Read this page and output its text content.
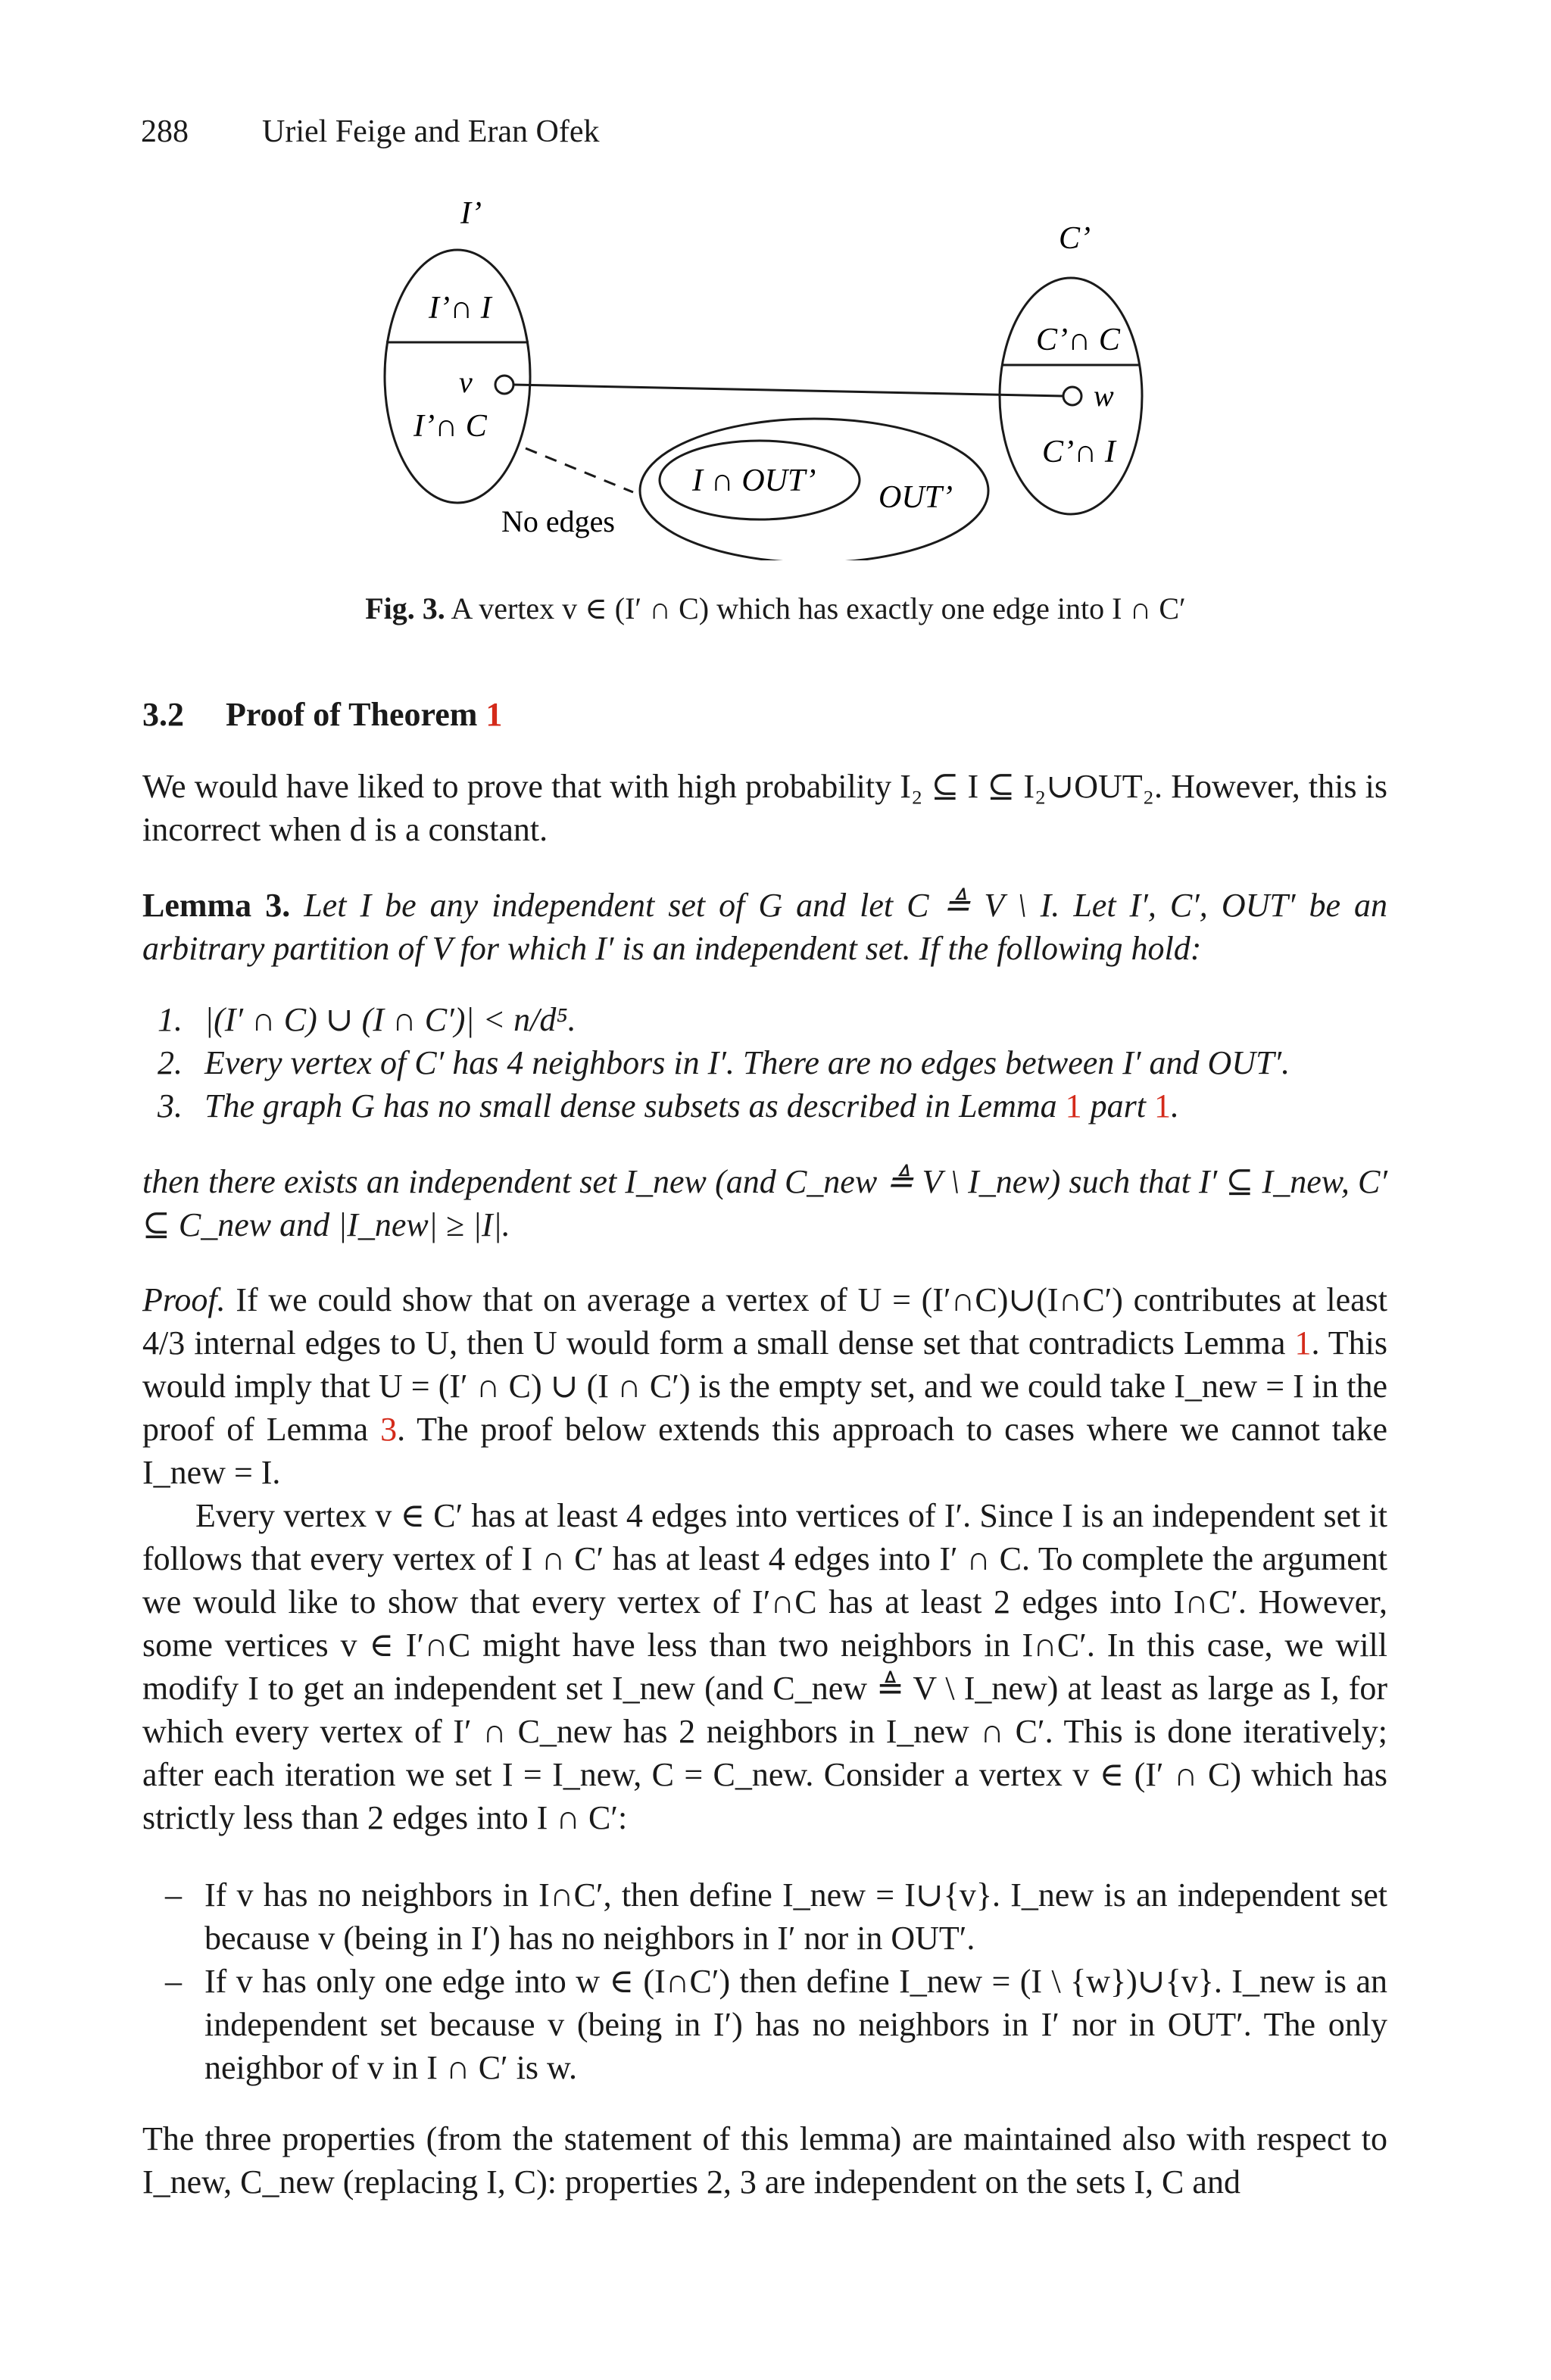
288 Uriel Feige and Eran Ofek
I’
C’
I’∩ I
v
I’∩ C
C’∩ C
w
C’∩ I
I ∩ OUT’ OUT’
No edges
Fig. 3. A vertex v ∈ (I′ ∩ C) which has exactly one edge into I ∩ C′
3.2 Proof of Theorem 1
We would have liked to prove that with high probability I₂ ⊆ I ⊆ I₂∪OUT₂. However, this is incorrect when d is a constant.
Lemma 3. Let I be any independent set of G and let C ≜ V \ I. Let I′, C′, OUT′ be an arbitrary partition of V for which I′ is an independent set. If the following hold:
1. |(I′ ∩ C) ∪ (I ∩ C′)| < n/d⁵.
2. Every vertex of C′ has 4 neighbors in I′. There are no edges between I′ and OUT′.
3. The graph G has no small dense subsets as described in Lemma 1 part 1.
then there exists an independent set I_new (and C_new ≜ V \ I_new) such that I′ ⊆ I_new, C′ ⊆ C_new and |I_new| ≥ |I|.
Proof. If we could show that on average a vertex of U = (I′∩C)∪(I∩C′) contributes at least 4/3 internal edges to U, then U would form a small dense set that contradicts Lemma 1. This would imply that U = (I′ ∩ C) ∪ (I ∩ C′) is the empty set, and we could take I_new = I in the proof of Lemma 3. The proof below extends this approach to cases where we cannot take I_new = I.
Every vertex v ∈ C′ has at least 4 edges into vertices of I′. Since I is an independent set it follows that every vertex of I ∩ C′ has at least 4 edges into I′ ∩ C. To complete the argument we would like to show that every vertex of I′∩C has at least 2 edges into I∩C′. However, some vertices v ∈ I′∩C might have less than two neighbors in I∩C′. In this case, we will modify I to get an independent set I_new (and C_new ≜ V \ I_new) at least as large as I, for which every vertex of I′ ∩ C_new has 2 neighbors in I_new ∩ C′. This is done iteratively; after each iteration we set I = I_new, C = C_new. Consider a vertex v ∈ (I′ ∩ C) which has strictly less than 2 edges into I ∩ C′:
– If v has no neighbors in I∩C′, then define I_new = I∪{v}. I_new is an independent set because v (being in I′) has no neighbors in I′ nor in OUT′.
– If v has only one edge into w ∈ (I∩C′) then define I_new = (I \ {w})∪{v}. I_new is an independent set because v (being in I′) has no neighbors in I′ nor in OUT′. The only neighbor of v in I ∩ C′ is w.
The three properties (from the statement of this lemma) are maintained also with respect to I_new, C_new (replacing I, C): properties 2, 3 are independent on the sets I, C and
